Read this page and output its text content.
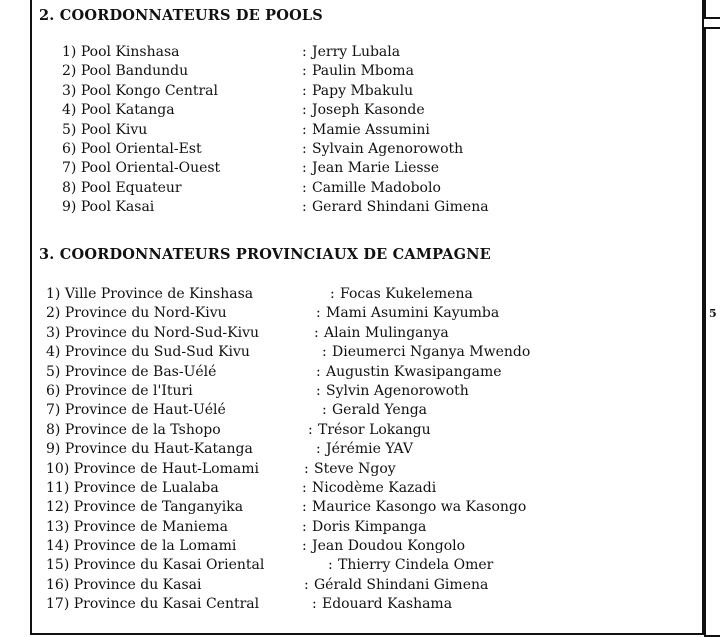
5
2. COORDONNATEURS DE POOLS
1) Pool Kinshasa	: Jerry Lubala
2) Pool Bandundu	: Paulin Mboma
3) Pool Kongo Central	: Papy Mbakulu
4) Pool Katanga	: Joseph Kasonde
5) Pool Kivu	: Mamie Assumini
6) Pool Oriental-Est	: Sylvain Agenorowoth
7) Pool Oriental-Ouest	: Jean Marie Liesse
8) Pool Equateur	: Camille Madobolo
9) Pool Kasai	: Gerard Shindani Gimena
3. COORDONNATEURS PROVINCIAUX DE CAMPAGNE
1) Ville Province de Kinshasa	: Focas Kukelemena
2) Province du Nord-Kivu	: Mami Asumini Kayumba
3) Province du Nord-Sud-Kivu	: Alain Mulinganya
4) Province du Sud-Sud Kivu	: Dieumerci Nganya Mwendo
5) Province de Bas-Uélé	: Augustin Kwasipangame
6) Province de l'Ituri	: Sylvin Agenorowoth
7) Province de Haut-Uélé	: Gerald Yenga
8) Province de la Tshopo	: Trésor Lokangu
9) Province du Haut-Katanga	: Jérémie YAV
10) Province de Haut-Lomami	: Steve Ngoy
11) Province de Lualaba	: Nicodème Kazadi
12) Province de Tanganyika	: Maurice Kasongo wa Kasongo
13) Province de Maniema	: Doris Kimpanga
14) Province de la Lomami	: Jean Doudou Kongolo
15) Province du Kasai Oriental	: Thierry Cindela Omer
16) Province du Kasai	: Gérald Shindani Gimena
17) Province du Kasai Central	: Edouard Kashama
